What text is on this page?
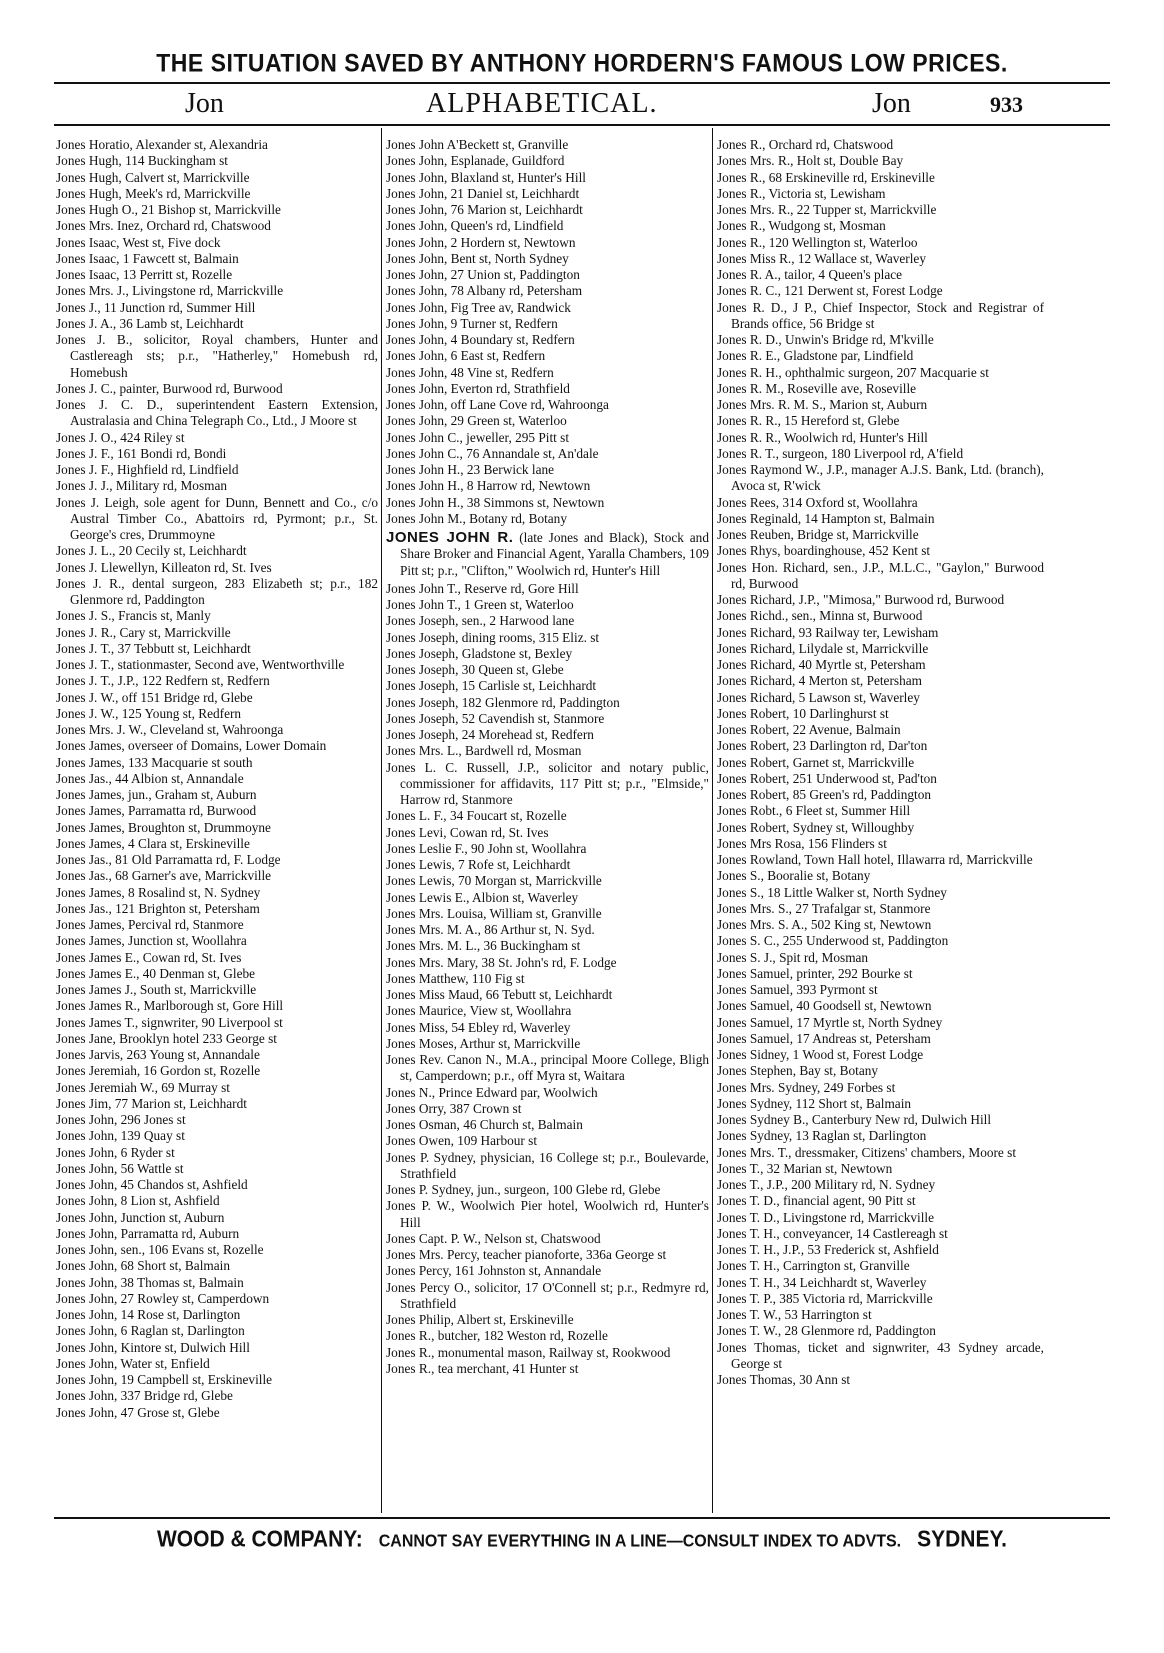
THE SITUATION SAVED BY ANTHONY HORDERN'S FAMOUS LOW PRICES.
Jon	ALPHABETICAL.	Jon	933
Jones Horatio, Alexander st, Alexandria
Jones Hugh, 114 Buckingham st
Jones Hugh, Calvert st, Marrickville
Jones Hugh, Meek's rd, Marrickville
Jones Hugh O., 21 Bishop st, Marrickville
Jones Mrs. Inez, Orchard rd, Chatswood
Jones Isaac, West st, Five dock
Jones Isaac, 1 Fawcett st, Balmain
Jones Isaac, 13 Perritt st, Rozelle
Jones Mrs. J., Livingstone rd, Marrickville
Jones J., 11 Junction rd, Summer Hill
Jones J. A., 36 Lamb st, Leichhardt
Jones J. B., solicitor, Royal chambers, Hunter and Castlereagh sts; p.r., "Hatherley," Homebush rd, Homebush
Jones J. C., painter, Burwood rd, Burwood
Jones J. C. D., superintendent Eastern Extension, Australasia and China Telegraph Co., Ltd., J Moore st
Jones J. O., 424 Riley st
Jones J. F., 161 Bondi rd, Bondi
Jones J. F., Highfield rd, Lindfield
Jones J. J., Military rd, Mosman
Jones J. Leigh, sole agent for Dunn, Bennett and Co., c/o Austral Timber Co., Abattoirs rd, Pyrmont; p.r., St. George's cres, Drummoyne
Jones J. L., 20 Cecily st, Leichhardt
Jones J. Llewellyn, Killeaton rd, St. Ives
Jones J. R., dental surgeon, 283 Elizabeth st; p.r., 182 Glenmore rd, Paddington
Jones J. S., Francis st, Manly
Jones J. R., Cary st, Marrickville
Jones J. T., 37 Tebbutt st, Leichhardt
Jones J. T., stationmaster, Second ave, Wentworthville
Jones J. T., J.P., 122 Redfern st, Redfern
Jones J. W., off 151 Bridge rd, Glebe
Jones J. W., 125 Young st, Redfern
Jones Mrs. J. W., Cleveland st, Wahroonga
Jones James, overseer of Domains, Lower Domain
Jones James, 133 Macquarie st south
Jones Jas., 44 Albion st, Annandale
Jones James, jun., Graham st, Auburn
Jones James, Parramatta rd, Burwood
Jones James, Broughton st, Drummoyne
Jones James, 4 Clara st, Erskineville
Jones Jas., 81 Old Parramatta rd, F. Lodge
Jones Jas., 68 Garner's ave, Marrickville
Jones James, 8 Rosalind st, N. Sydney
Jones Jas., 121 Brighton st, Petersham
Jones James, Percival rd, Stanmore
Jones James, Junction st, Woollahra
Jones James E., Cowan rd, St. Ives
Jones James E., 40 Denman st, Glebe
Jones James J., South st, Marrickville
Jones James R., Marlborough st, Gore Hill
Jones James T., signwriter, 90 Liverpool st
Jones Jane, Brooklyn hotel 233 George st
Jones Jarvis, 263 Young st, Annandale
Jones Jeremiah, 16 Gordon st, Rozelle
Jones Jeremiah W., 69 Murray st
Jones Jim, 77 Marion st, Leichhardt
Jones John, 296 Jones st
Jones John, 139 Quay st
Jones John, 6 Ryder st
Jones John, 56 Wattle st
Jones John, 45 Chandos st, Ashfield
Jones John, 8 Lion st, Ashfield
Jones John, Junction st, Auburn
Jones John, Parramatta rd, Auburn
Jones John, sen., 106 Evans st, Rozelle
Jones John, 68 Short st, Balmain
Jones John, 38 Thomas st, Balmain
Jones John, 27 Rowley st, Camperdown
Jones John, 14 Rose st, Darlington
Jones John, 6 Raglan st, Darlington
Jones John, Kintore st, Dulwich Hill
Jones John, Water st, Enfield
Jones John, 19 Campbell st, Erskineville
Jones John, 337 Bridge rd, Glebe
Jones John, 47 Grose st, Glebe
Jones John A'Beckett st, Granville
Jones John, Esplanade, Guildford
Jones John, Blaxland st, Hunter's Hill
Jones John, 21 Daniel st, Leichhardt
Jones John, 76 Marion st, Leichhardt
Jones John, Queen's rd, Lindfield
Jones John, 2 Hordern st, Newtown
Jones John, Bent st, North Sydney
Jones John, 27 Union st, Paddington
Jones John, 78 Albany rd, Petersham
Jones John, Fig Tree av, Randwick
Jones John, 9 Turner st, Redfern
Jones John, 4 Boundary st, Redfern
Jones John, 6 East st, Redfern
Jones John, 48 Vine st, Redfern
Jones John, Everton rd, Strathfield
Jones John, off Lane Cove rd, Wahroonga
Jones John, 29 Green st, Waterloo
Jones John C., jeweller, 295 Pitt st
Jones John C., 76 Annandale st, An'dale
Jones John H., 23 Berwick lane
Jones John H., 8 Harrow rd, Newtown
Jones John H., 38 Simmons st, Newtown
Jones John M., Botany rd, Botany
JONES JOHN R. (late Jones and Black), Stock and Share Broker and Financial Agent, Yaralla Chambers, 109 Pitt st; p.r., "Clifton," Woolwich rd, Hunter's Hill
Jones John T., Reserve rd, Gore Hill
Jones John T., 1 Green st, Waterloo
Jones Joseph, sen., 2 Harwood lane
Jones Joseph, dining rooms, 315 Eliz. st
Jones Joseph, Gladstone st, Bexley
Jones Joseph, 30 Queen st, Glebe
Jones Joseph, 15 Carlisle st, Leichhardt
Jones Joseph, 182 Glenmore rd, Paddington
Jones Joseph, 52 Cavendish st, Stanmore
Jones Joseph, 24 Morehead st, Redfern
Jones Mrs. L., Bardwell rd, Mosman
Jones L. C. Russell, J.P., solicitor and notary public, commissioner for affidavits, 117 Pitt st; p.r., "Elmside," Harrow rd, Stanmore
Jones L. F., 34 Foucart st, Rozelle
Jones Levi, Cowan rd, St. Ives
Jones Leslie F., 90 John st, Woollahra
Jones Lewis, 7 Rofe st, Leichhardt
Jones Lewis, 70 Morgan st, Marrickville
Jones Lewis E., Albion st, Waverley
Jones Mrs. Louisa, William st, Granville
Jones Mrs. M. A., 86 Arthur st, N. Syd.
Jones Mrs. M. L., 36 Buckingham st
Jones Mrs. Mary, 38 St. John's rd, F. Lodge
Jones Matthew, 110 Fig st
Jones Miss Maud, 66 Tebutt st, Leichhardt
Jones Maurice, View st, Woollahra
Jones Miss, 54 Ebley rd, Waverley
Jones Moses, Arthur st, Marrickville
Jones Rev. Canon N., M.A., principal Moore College, Bligh st, Camperdown; p.r., off Myra st, Waitara
Jones N., Prince Edward par, Woolwich
Jones Orry, 387 Crown st
Jones Osman, 46 Church st, Balmain
Jones Owen, 109 Harbour st
Jones P. Sydney, physician, 16 College st; p.r., Boulevarde, Strathfield
Jones P. Sydney, jun., surgeon, 100 Glebe rd, Glebe
Jones P. W., Woolwich Pier hotel, Woolwich rd, Hunter's Hill
Jones Capt. P. W., Nelson st, Chatswood
Jones Mrs. Percy, teacher pianoforte, 336a George st
Jones Percy, 161 Johnston st, Annandale
Jones Percy O., solicitor, 17 O'Connell st; p.r., Redmyre rd, Strathfield
Jones Philip, Albert st, Erskineville
Jones R., butcher, 182 Weston rd, Rozelle
Jones R., monumental mason, Railway st, Rookwood
Jones R., tea merchant, 41 Hunter st
Jones R., Orchard rd, Chatswood
Jones Mrs. R., Holt st, Double Bay
Jones R., 68 Erskineville rd, Erskineville
Jones R., Victoria st, Lewisham
Jones Mrs. R., 22 Tupper st, Marrickville
Jones R., Wudgong st, Mosman
Jones R., 120 Wellington st, Waterloo
Jones Miss R., 12 Wallace st, Waverley
Jones R. A., tailor, 4 Queen's place
Jones R. C., 121 Derwent st, Forest Lodge
Jones R. D., J P., Chief Inspector, Stock and Registrar of Brands office, 56 Bridge st
Jones R. D., Unwin's Bridge rd, M'kville
Jones R. E., Gladstone par, Lindfield
Jones R. H., ophthalmic surgeon, 207 Macquarie st
Jones R. M., Roseville ave, Roseville
Jones Mrs. R. M. S., Marion st, Auburn
Jones R. R., 15 Hereford st, Glebe
Jones R. R., Woolwich rd, Hunter's Hill
Jones R. T., surgeon, 180 Liverpool rd, A'field
Jones Raymond W., J.P., manager A.J.S. Bank, Ltd. (branch), Avoca st, R'wick
Jones Rees, 314 Oxford st, Woollahra
Jones Reginald, 14 Hampton st, Balmain
Jones Reuben, Bridge st, Marrickville
Jones Rhys, boardinghouse, 452 Kent st
Jones Hon. Richard, sen., J.P., M.L.C., "Gaylon," Burwood rd, Burwood
Jones Richard, J.P., "Mimosa," Burwood rd, Burwood
Jones Richd., sen., Minna st, Burwood
Jones Richard, 93 Railway ter, Lewisham
Jones Richard, Lilydale st, Marrickville
Jones Richard, 40 Myrtle st, Petersham
Jones Richard, 4 Merton st, Petersham
Jones Richard, 5 Lawson st, Waverley
Jones Robert, 10 Darlinghurst st
Jones Robert, 22 Avenue, Balmain
Jones Robert, 23 Darlington rd, Dar'ton
Jones Robert, Garnet st, Marrickville
Jones Robert, 251 Underwood st, Pad'ton
Jones Robert, 85 Green's rd, Paddington
Jones Robt., 6 Fleet st, Summer Hill
Jones Robert, Sydney st, Willoughby
Jones Mrs Rosa, 156 Flinders st
Jones Rowland, Town Hall hotel, Illawarra rd, Marrickville
Jones S., Booralie st, Botany
Jones S., 18 Little Walker st, North Sydney
Jones Mrs. S., 27 Trafalgar st, Stanmore
Jones Mrs. S. A., 502 King st, Newtown
Jones S. C., 255 Underwood st, Paddington
Jones S. J., Spit rd, Mosman
Jones Samuel, printer, 292 Bourke st
Jones Samuel, 393 Pyrmont st
Jones Samuel, 40 Goodsell st, Newtown
Jones Samuel, 17 Myrtle st, North Sydney
Jones Samuel, 17 Andreas st, Petersham
Jones Sidney, 1 Wood st, Forest Lodge
Jones Stephen, Bay st, Botany
Jones Mrs. Sydney, 249 Forbes st
Jones Sydney, 112 Short st, Balmain
Jones Sydney B., Canterbury New rd, Dulwich Hill
Jones Sydney, 13 Raglan st, Darlington
Jones Mrs. T., dressmaker, Citizens' chambers, Moore st
Jones T., 32 Marian st, Newtown
Jones T., J.P., 200 Military rd, N. Sydney
Jones T. D., financial agent, 90 Pitt st
Jones T. D., Livingstone rd, Marrickville
Jones T. H., conveyancer, 14 Castlereagh st
Jones T. H., J.P., 53 Frederick st, Ashfield
Jones T. H., Carrington st, Granville
Jones T. H., 34 Leichhardt st, Waverley
Jones T. P., 385 Victoria rd, Marrickville
Jones T. W., 53 Harrington st
Jones T. W., 28 Glenmore rd, Paddington
Jones Thomas, ticket and signwriter, 43 Sydney arcade, George st
Jones Thomas, 30 Ann st
WOOD & COMPANY: CANNOT SAY EVERYTHING IN A LINE—CONSULT INDEX TO ADVTS. SYDNEY.
